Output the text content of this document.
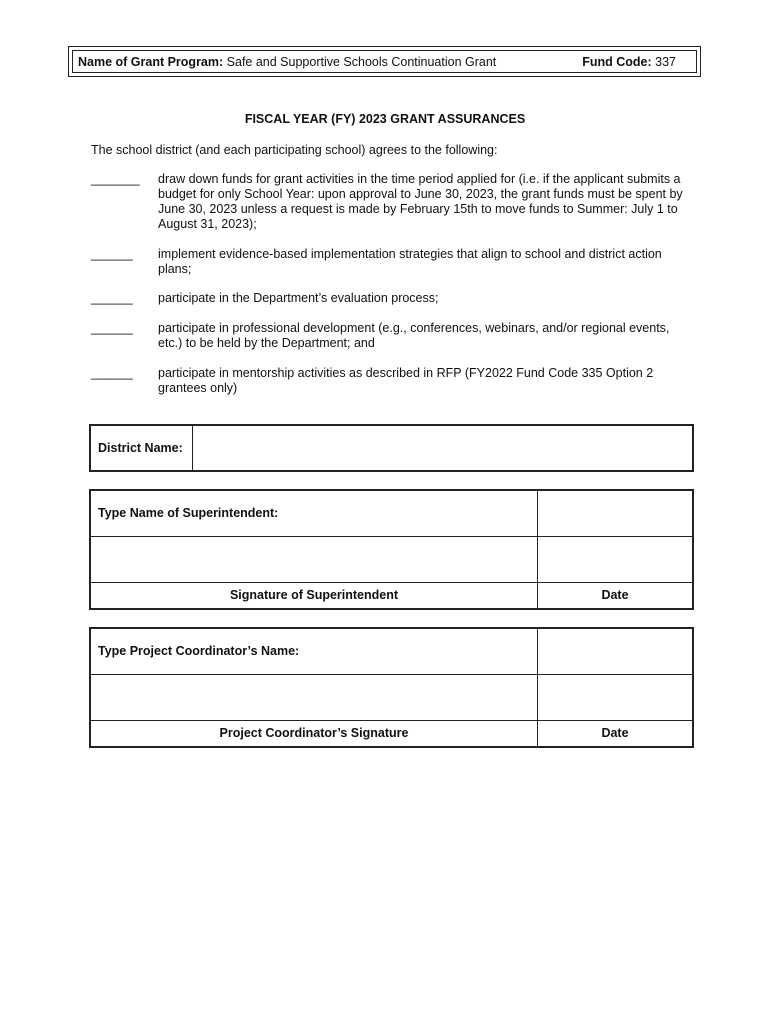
Name of Grant Program: Safe and Supportive Schools Continuation Grant	Fund Code: 337
FISCAL YEAR (FY) 2023 GRANT ASSURANCES
The school district (and each participating school) agrees to the following:
_______	draw down funds for grant activities in the time period applied for (i.e. if the applicant submits a budget for only School Year: upon approval to June 30, 2023, the grant funds must be spent by June 30, 2023 unless a request is made by February 15th to move funds to Summer: July 1 to August 31, 2023);
______	implement evidence-based implementation strategies that align to school and district action plans;
______	participate in the Department’s evaluation process;
______	participate in professional development (e.g., conferences, webinars, and/or regional events, etc.) to be held by the Department; and
______	participate in mentorship activities as described in RFP (FY2022 Fund Code 335 Option 2 grantees only)
District Name:	
Type Name of Superintendent:	

Signature of Superintendent	Date
Type Project Coordinator’s Name:	

Project Coordinator’s Signature	Date
